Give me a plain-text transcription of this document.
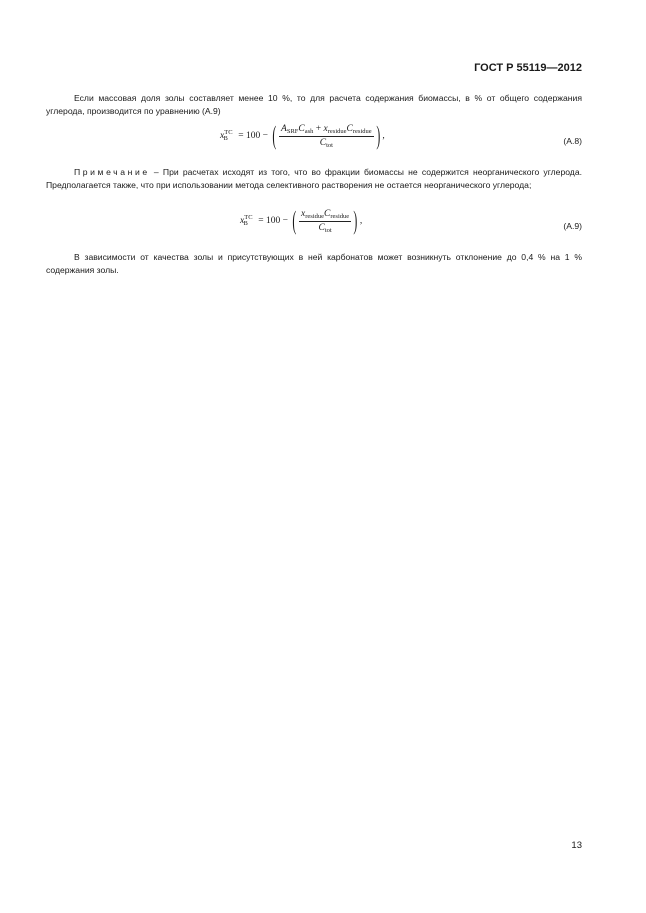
ГОСТ Р 55119—2012
Если массовая доля золы составляет менее 10 %, то для расчета содержания биомассы, в % от общего содержания углерода, производится по уравнению (А.9)
$x^{TC}_B = 100$ − ( $\frac{A_{SRF}C_{ash} + x_{residue}C_{residue}}{C_{tot}}$ ) ,	(А.8)
Примечание – При расчетах исходят из того, что во фракции биомассы не содержится неорганического углерода. Предполагается также, что при использовании метода селективного растворения не остается неорганического углерода;
$x^{TC}_B = 100$ − ( $\frac{x_{residue}C_{residue}}{C_{tot}}$ ) ,	(А.9)
В зависимости от качества золы и присутствующих в ней карбонатов может возникнуть отклонение до 0,4 % на 1 % содержания золы.
13
